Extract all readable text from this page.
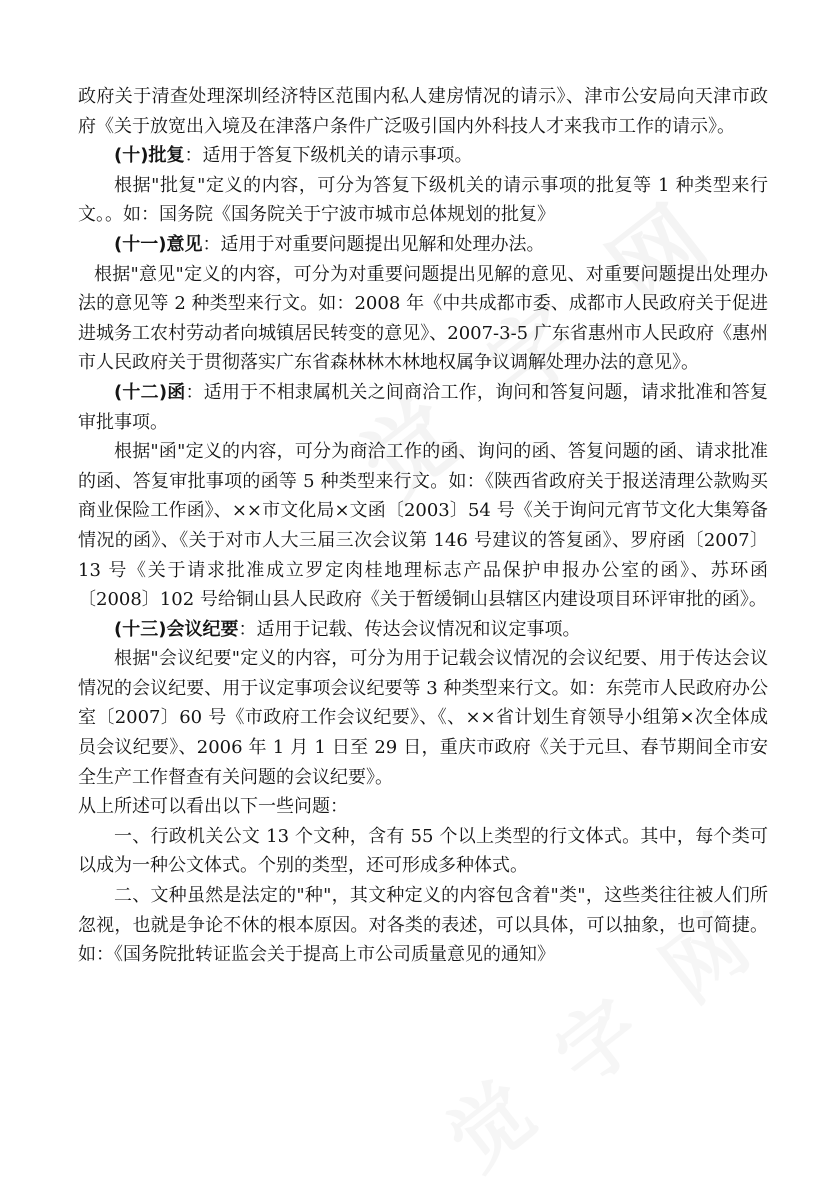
政府关于清查处理深圳经济特区范围内私人建房情况的请示》、津市公安局向天津市政府《关于放宽出入境及在津落户条件广泛吸引国内外科技人才来我市工作的请示》。

(十)批复：适用于答复下级机关的请示事项。

根据"批复"定义的内容，可分为答复下级机关的请示事项的批复等 1 种类型来行文。。如：国务院《国务院关于宁波市城市总体规划的批复》

(十一)意见：适用于对重要问题提出见解和处理办法。

根据"意见"定义的内容，可分为对重要问题提出见解的意见、对重要问题提出处理办法的意见等 2 种类型来行文。如：2008 年《中共成都市委、成都市人民政府关于促进进城务工农村劳动者向城镇居民转变的意见》、2007-3-5 广东省惠州市人民政府《惠州市人民政府关于贯彻落实广东省森林林木林地权属争议调解处理办法的意见》。

(十二)函：适用于不相隶属机关之间商洽工作，询问和答复问题，请求批准和答复审批事项。

根据"函"定义的内容，可分为商洽工作的函、询问的函、答复问题的函、请求批准的函、答复审批事项的函等 5 种类型来行文。如：《陕西省政府关于报送清理公款购买商业保险工作函》、××市文化局×文函〔2003〕54 号《关于询问元宵节文化大集筹备情况的函》、《关于对市人大三届三次会议第 146 号建议的答复函》、罗府函〔2007〕13 号《关于请求批准成立罗定肉桂地理标志产品保护申报办公室的函》、苏环函〔2008〕102 号给铜山县人民政府《关于暂缓铜山县辖区内建设项目环评审批的函》。

(十三)会议纪要：适用于记载、传达会议情况和议定事项。

根据"会议纪要"定义的内容，可分为用于记载会议情况的会议纪要、用于传达会议情况的会议纪要、用于议定事项会议纪要等 3 种类型来行文。如：东莞市人民政府办公室〔2007〕60 号《市政府工作会议纪要》、《、××省计划生育领导小组第×次全体成员会议纪要》、2006 年 1 月 1 日至 29 日，重庆市政府《关于元旦、春节期间全市安全生产工作督查有关问题的会议纪要》。

从上所述可以看出以下一些问题：

一、行政机关公文 13 个文种，含有 55 个以上类型的行文体式。其中，每个类可以成为一种公文体式。个别的类型，还可形成多种体式。

二、文种虽然是法定的"种"，其文种定义的内容包含着"类"，这些类往往被人们所忽视，也就是争论不休的根本原因。对各类的表述，可以具体，可以抽象，也可简捷。如：《国务院批转证监会关于提高上市公司质量意见的通知》
